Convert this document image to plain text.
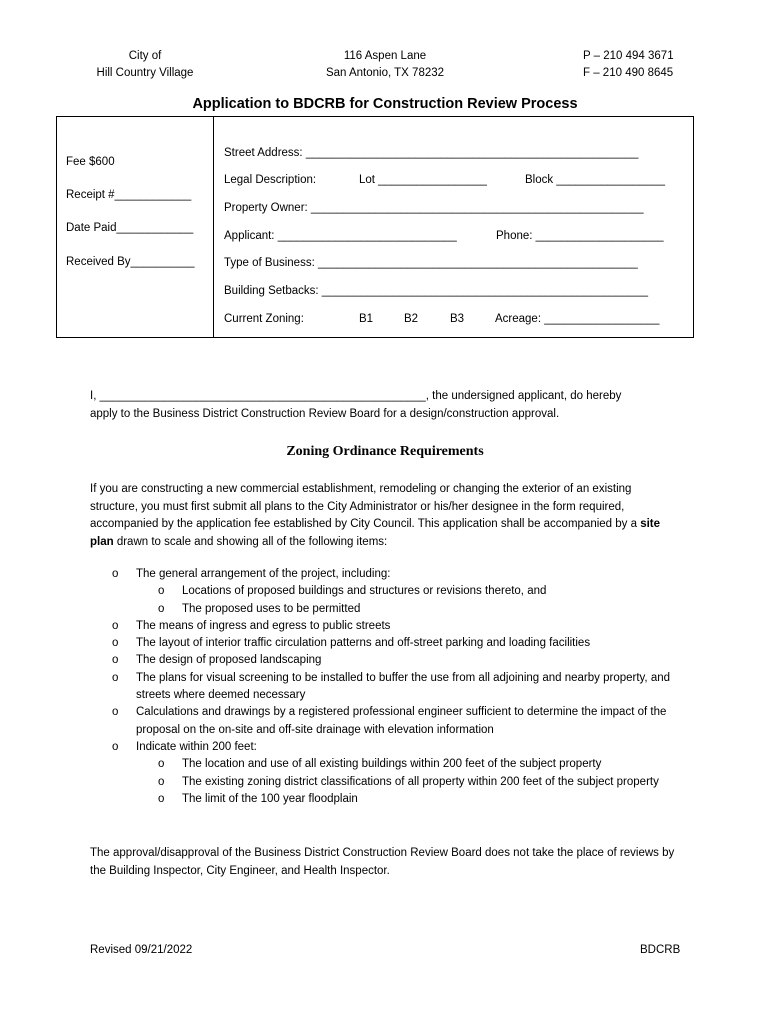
City of
Hill Country Village
116 Aspen Lane
San Antonio, TX 78232
P – 210 494 3671
F – 210 490 8645
Application to BDCRB for Construction Review Process
Fee $600
Receipt #____________
Date Paid____________
Received By__________
Street Address: ____________________________________________________
Legal Description:	Lot _________________	Block _________________
Property Owner: ____________________________________________________
Applicant: ____________________________	Phone: ____________________
Type of Business: __________________________________________________
Building Setbacks: ___________________________________________________
Current Zoning:	B1	B2	B3	Acreage: __________________
I, ___________________________________________________, the undersigned applicant, do hereby
apply to the Business District Construction Review Board for a design/construction approval.
Zoning Ordinance Requirements
If you are constructing a new commercial establishment, remodeling or changing the exterior of an existing structure, you must first submit all plans to the City Administrator or his/her designee in the form required, accompanied by the application fee established by City Council. This application shall be accompanied by a site plan drawn to scale and showing all of the following items:
o The general arrangement of the project, including:
o Locations of proposed buildings and structures or revisions thereto, and
o The proposed uses to be permitted
o The means of ingress and egress to public streets
o The layout of interior traffic circulation patterns and off-street parking and loading facilities
o The design of proposed landscaping
o The plans for visual screening to be installed to buffer the use from all adjoining and nearby property, and streets where deemed necessary
o Calculations and drawings by a registered professional engineer sufficient to determine the impact of the proposal on the on-site and off-site drainage with elevation information
o Indicate within 200 feet:
o The location and use of all existing buildings within 200 feet of the subject property
o The existing zoning district classifications of all property within 200 feet of the subject property
o The limit of the 100 year floodplain
The approval/disapproval of the Business District Construction Review Board does not take the place of reviews by the Building Inspector, City Engineer, and Health Inspector.
Revised 09/21/2022	BDCRB
